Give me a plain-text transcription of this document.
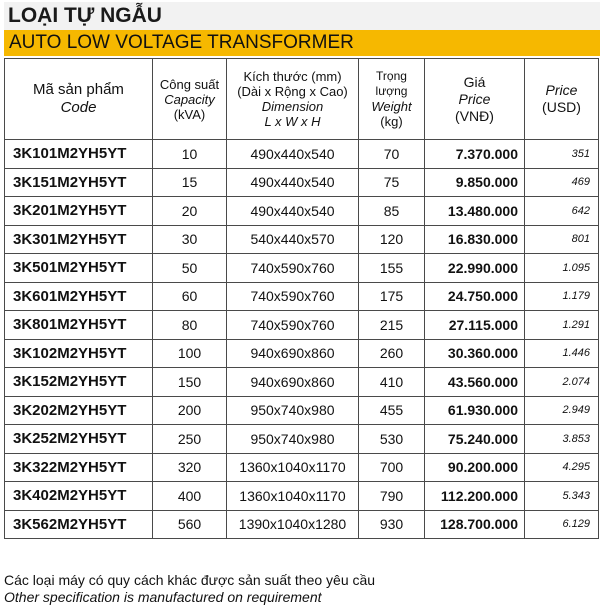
LOẠI TỰ NGẪU
AUTO LOW VOLTAGE TRANSFORMER
Mã sản phẩm
Code	Công suất
Capacity
(kVA)	Kích thước (mm)
(Dài x Rộng x Cao)
Dimension
L x W x H	Trọng lượng
Weight
(kg)	Giá
Price
(VNĐ)	Price
(USD)

3K101M2YH5YT	10	490x440x540	70	7.370.000	351
3K151M2YH5YT	15	490x440x540	75	9.850.000	469
3K201M2YH5YT	20	490x440x540	85	13.480.000	642
3K301M2YH5YT	30	540x440x570	120	16.830.000	801
3K501M2YH5YT	50	740x590x760	155	22.990.000	1.095
3K601M2YH5YT	60	740x590x760	175	24.750.000	1.179
3K801M2YH5YT	80	740x590x760	215	27.115.000	1.291
3K102M2YH5YT	100	940x690x860	260	30.360.000	1.446
3K152M2YH5YT	150	940x690x860	410	43.560.000	2.074
3K202M2YH5YT	200	950x740x980	455	61.930.000	2.949
3K252M2YH5YT	250	950x740x980	530	75.240.000	3.853
3K322M2YH5YT	320	1360x1040x1170	700	90.200.000	4.295
3K402M2YH5YT	400	1360x1040x1170	790	112.200.000	5.343
3K562M2YH5YT	560	1390x1040x1280	930	128.700.000	6.129
Các loại máy có quy cách khác được sản suất theo yêu cầu
Other specification is manufactured on requirement
